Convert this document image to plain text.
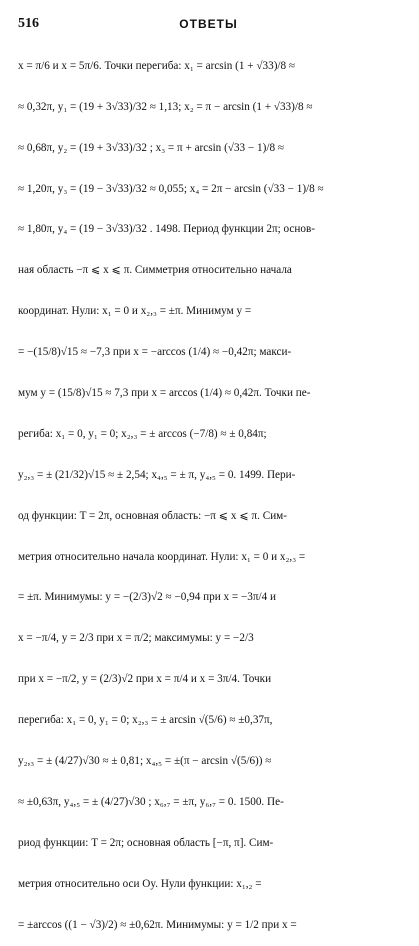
516	ОТВЕТЫ
x = π/6 и x = 5π/6. Точки перегиба: x₁ = arcsin (1 + √33)/8 ≈
≈ 0,32π, y₁ = (19 + 3√33)/32 ≈ 1,13; x₂ = π − arcsin (1 + √33)/8 ≈
≈ 0,68π, y₂ = (19 + 3√33)/32 ; x₃ = π + arcsin (√33 − 1)/8 ≈
≈ 1,20π, y₃ = (19 − 3√33)/32 ≈ 0,055; x₄ = 2π − arcsin (√33 − 1)/8 ≈
≈ 1,80π, y₄ = (19 − 3√33)/32 . 1498. Период функции 2π; основ-
ная область −π ⩽ x ⩽ π. Симметрия относительно начала
координат. Нули: x₁ = 0 и x₂,₃ = ±π. Минимум y =
= −(15/8)√15 ≈ −7,3 при x = −arccos (1/4) ≈ −0,42π; макси-
мум y = (15/8)√15 ≈ 7,3 при x = arccos (1/4) ≈ 0,42π. Точки пе-
региба: x₁ = 0, y₁ = 0; x₂,₃ = ± arccos (−7/8) ≈ ± 0,84π;
y₂,₃ = ± (21/32)√15 ≈ ± 2,54; x₄,₅ = ± π, y₄,₅ = 0. 1499. Пери-
од функции: T = 2π, основная область: −π ⩽ x ⩽ π. Сим-
метрия относительно начала координат. Нули: x₁ = 0 и x₂,₃ =
= ±π. Минимумы: y = −(2/3)√2 ≈ −0,94 при x = −3π/4 и
x = −π/4, y = 2/3 при x = π/2; максимумы: y = −2/3
при x = −π/2, y = (2/3)√2 при x = π/4 и x = 3π/4. Точки
перегиба: x₁ = 0, y₁ = 0; x₂,₃ = ± arcsin √(5/6) ≈ ±0,37π,
y₂,₃ = ± (4/27)√30 ≈ ± 0,81; x₄,₅ = ±(π − arcsin √(5/6)) ≈
≈ ±0,63π, y₄,₅ = ± (4/27)√30 ; x₆,₇ = ±π, y₆,₇ = 0. 1500. Пе-
риод функции: T = 2π; основная область [−π, π]. Сим-
метрия относительно оси Oy. Нули функции: x₁,₂ =
= ±arccos ((1 − √3)/2) ≈ ±0,62π. Минимумы: y = 1/2 при x =
